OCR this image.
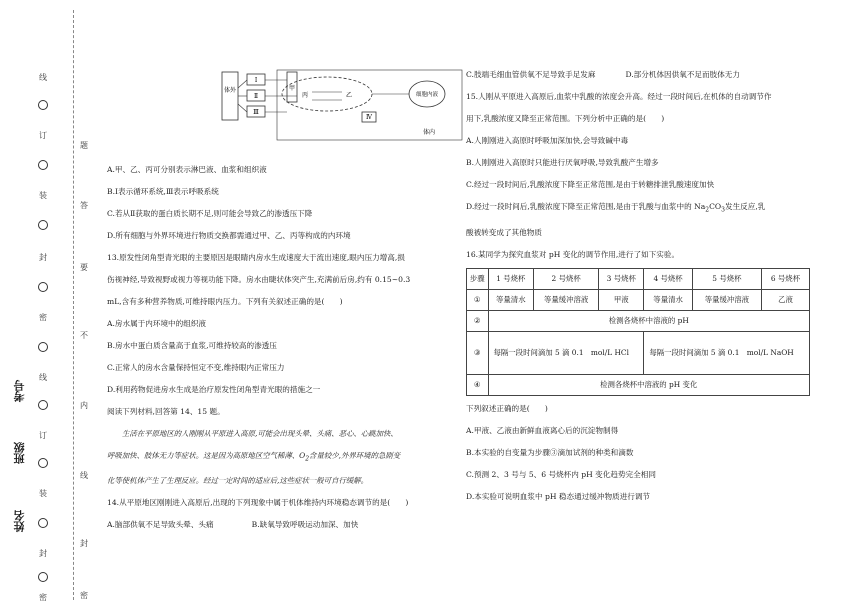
姓名
班级
考号
线
订
装
封
密
线
订
装
封
密
题
答
要
不
内
线
封
密
体外
Ⅰ
Ⅱ
Ⅲ
甲
丙	乙
Ⅳ
细胞内液
体内

A.甲、乙、丙可分别表示淋巴液、血浆和组织液

B.Ⅰ表示循环系统,Ⅲ表示呼吸系统

C.若从Ⅱ获取的蛋白质长期不足,则可能会导致乙的渗透压下降

D.所有细胞与外界环境进行物质交换都需通过甲、乙、丙等构成的内环境

13.原发性闭角型青光眼的主要原因是眼睛内房水生成速度大于流出速度,眼内压力增高,损

伤视神经,导致视野或视力等视功能下降。房水由睫状体突产生,充满前后房,约有 0.15~0.3

mL,含有多种营养物质,可维持眼内压力。下列有关叙述正确的是(　　)

A.房水属于内环境中的组织液

B.房水中蛋白质含量高于血浆,可维持较高的渗透压

C.正常人的房水含量保持恒定不变,维持眼内正常压力

D.利用药物促进房水生成是治疗原发性闭角型青光眼的措施之一

阅读下列材料,回答第 14、15 题。

生活在平原地区的人刚刚从平原进入高原,可能会出现头晕、头痛、恶心、心跳加快、

呼吸加快、肢体无力等症状。这是因为高原地区空气稀薄、$O_2$含量较少,外界环境的急剧变

化等使机体产生了生理反应。经过一定时间的适应后,这些症状一般可自行缓解。

14.从平原地区刚刚进入高原后,出现的下列现象中属于机体维持内环境稳态调节的是(　　)

A.脑部供氧不足导致头晕、头痛	B.缺氧导致呼吸运动加深、加快

C.肢端毛细血管供氧不足导致手足发麻	D.部分机体因供氧不足而肢体无力

15.人刚从平原进入高原后,血浆中乳酸的浓度会升高。经过一段时间后,在机体的自动调节作

用下,乳酸浓度又降至正常范围。下列分析中正确的是(　　)

A.人刚刚进入高原时呼吸加深加快,会导致碱中毒

B.人刚刚进入高原时只能进行厌氧呼吸,导致乳酸产生增多

C.经过一段时间后,乳酸浓度下降至正常范围,是由于转糖排泄乳酸速度加快

D.经过一段时间后,乳酸浓度下降至正常范围,是由于乳酸与血浆中的 $Na_2CO_3$发生反应,乳

酸被转变成了其他物质

16.某同学为探究血浆对 pH 变化的调节作用,进行了如下实验。

步骤	1 号烧杯	2 号烧杯	3 号烧杯	4 号烧杯	5 号烧杯	6 号烧杯
①	等量清水	等量缓冲溶液	甲液	等量清水	等量缓冲溶液	乙液
②	检测各烧杯中溶液的 pH					
③	每隔一段时间滴加 5 滴 0.1　mol/L HCl			每隔一段时间滴加 5 滴 0.1　mol/L NaOH		
④	检测各烧杯中溶液的 pH 变化					

下列叙述正确的是(　　)

A.甲液、乙液由新鲜血液离心后的沉淀物制得

B.本实验的自变量为步骤③滴加试剂的种类和滴数

C.预测 2、3 号与 5、6 号烧杯内 pH 变化趋势完全相同

D.本实验可说明血浆中 pH 稳态通过缓冲物质进行调节
